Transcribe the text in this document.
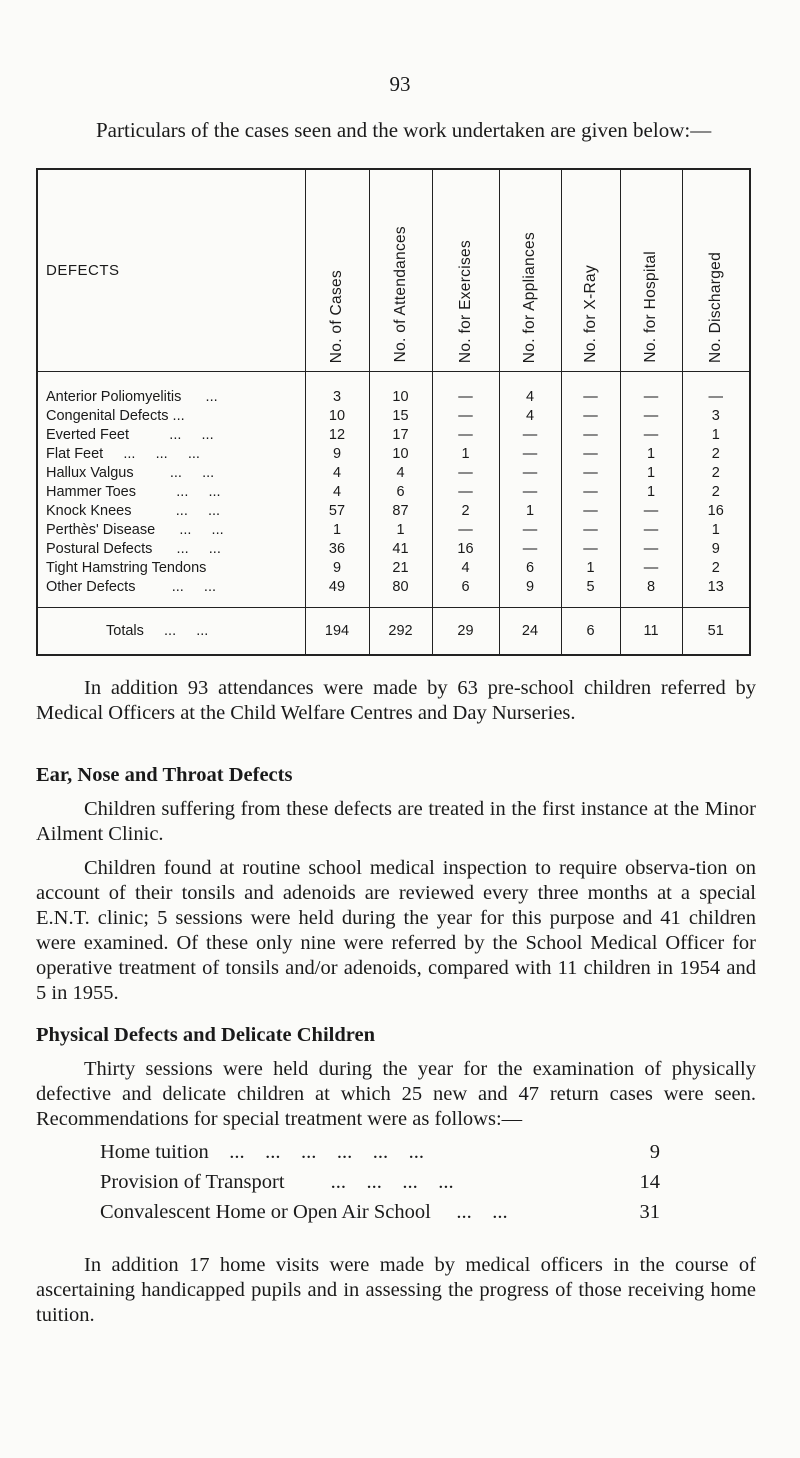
93
Particulars of the cases seen and the work undertaken are given below:—
DEFECTS	No. of Cases	No. of Attendances	No. for Exercises	No. for Appliances	No. for X-Ray	No. for Hospital	No. Discharged

Anterior Poliomyelitis      ...	3	10	—	4	—	—	—
Congenital Defects ...	10	15	—	4	—	—	3
Everted Feet          ...     ...	12	17	—	—	—	—	1
Flat Feet     ...     ...     ...	9	10	1	—	—	1	2
Hallux Valgus         ...     ...	4	4	—	—	—	1	2
Hammer Toes          ...     ...	4	6	—	—	—	1	2
Knock Knees           ...     ...	57	87	2	1	—	—	16
Perthès' Disease      ...     ...	1	1	—	—	—	—	1
Postural Defects      ...     ...	36	41	16	—	—	—	9
Tight Hamstring Tendons	9	21	4	6	1	—	2
Other Defects         ...     ...	49	80	6	9	5	8	13

Totals     ...     ...	194	292	29	24	6	11	51
In addition 93 attendances were made by 63 pre-school children referred by Medical Officers at the Child Welfare Centres and Day Nurseries.
Ear, Nose and Throat Defects
Children suffering from these defects are treated in the first instance at the Minor Ailment Clinic.
Children found at routine school medical inspection to require observa-tion on account of their tonsils and adenoids are reviewed every three months at a special E.N.T. clinic; 5 sessions were held during the year for this purpose and 41 children were examined. Of these only nine were referred by the School Medical Officer for operative treatment of tonsils and/or adenoids, compared with 11 children in 1954 and 5 in 1955.
Physical Defects and Delicate Children
Thirty sessions were held during the year for the examination of physically defective and delicate children at which 25 new and 47 return cases were seen. Recommendations for special treatment were as follows:—
Home tuition    ...    ...    ...    ...    ...    ...	9
Provision of Transport         ...    ...    ...    ...	14
Convalescent Home or Open Air School     ...    ...	31
In addition 17 home visits were made by medical officers in the course of ascertaining handicapped pupils and in assessing the progress of those receiving home tuition.
